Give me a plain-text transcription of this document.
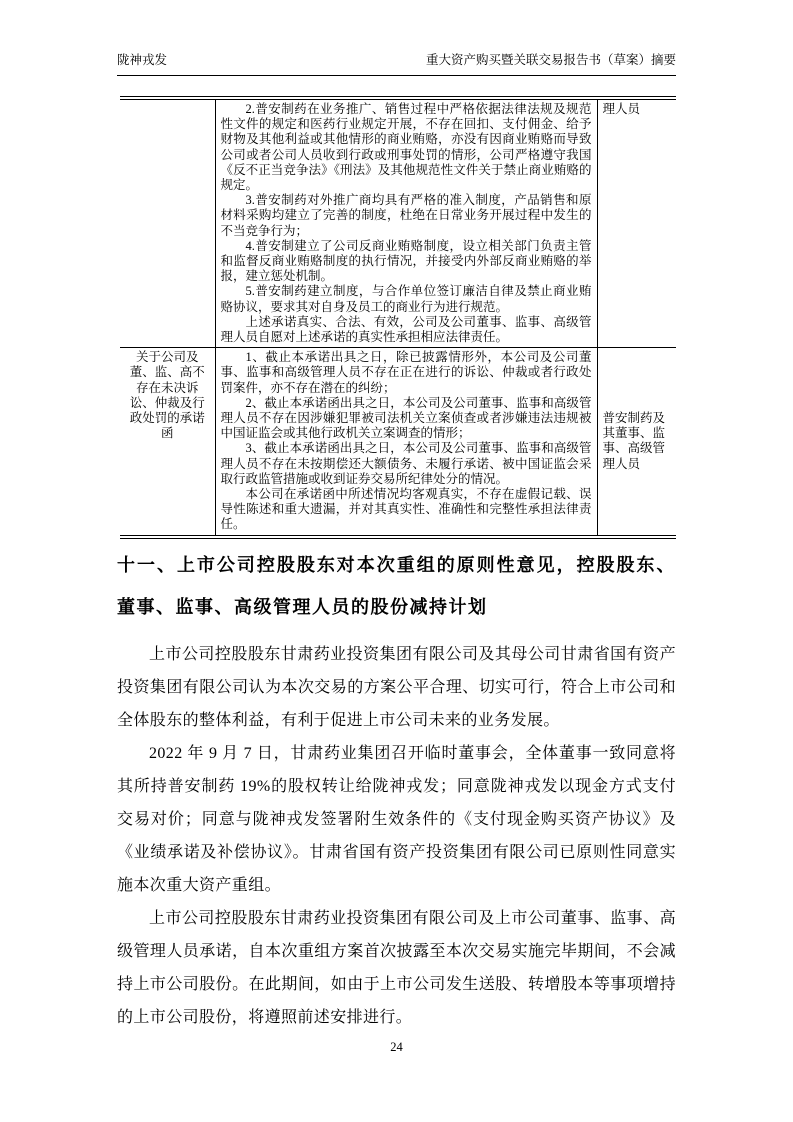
陇神戎发	重大资产购买暨关联交易报告书（草案）摘要

	2.普安制药在业务推广、销售过程中严格依据法律法规及规范性文件的规定和医药行业规定开展，不存在回扣、支付佣金、给予财物及其他利益或其他情形的商业贿赂，亦没有因商业贿赂而导致公司或者公司人员收到行政或刑事处罚的情形，公司严格遵守我国《反不正当竞争法》《刑法》及其他规范性文件关于禁止商业贿赂的规定。

3.普安制药对外推广商均具有严格的准入制度，产品销售和原材料采购均建立了完善的制度，杜绝在日常业务开展过程中发生的不当竞争行为；

4.普安制建立了公司反商业贿赂制度，设立相关部门负责主管和监督反商业贿赂制度的执行情况，并接受内外部反商业贿赂的举报，建立惩处机制。

5.普安制药建立制度，与合作单位签订廉洁自律及禁止商业贿赂协议，要求其对自身及员工的商业行为进行规范。

上述承诺真实、合法、有效，公司及公司董事、监事、高级管理人员自愿对上述承诺的真实性承担相应法律责任。	理人员
关于公司及董、监、高不存在未决诉讼、仲裁及行政处罚的承诺函	1、截止本承诺出具之日，除已披露情形外，本公司及公司董事、监事和高级管理人员不存在正在进行的诉讼、仲裁或者行政处罚案件，亦不存在潜在的纠纷；

2、截止本承诺函出具之日，本公司及公司董事、监事和高级管理人员不存在因涉嫌犯罪被司法机关立案侦查或者涉嫌违法违规被中国证监会或其他行政机关立案调查的情形；

3、截止本承诺函出具之日，本公司及公司董事、监事和高级管理人员不存在未按期偿还大额债务、未履行承诺、被中国证监会采取行政监管措施或收到证券交易所纪律处分的情况。

本公司在承诺函中所述情况均客观真实，不存在虚假记载、误导性陈述和重大遗漏，并对其真实性、准确性和完整性承担法律责任。	普安制药及其董事、监事、高级管理人员
十一、上市公司控股股东对本次重组的原则性意见，控股股东、董事、监事、高级管理人员的股份减持计划

上市公司控股股东甘肃药业投资集团有限公司及其母公司甘肃省国有资产投资集团有限公司认为本次交易的方案公平合理、切实可行，符合上市公司和全体股东的整体利益，有利于促进上市公司未来的业务发展。

2022 年 9 月 7 日，甘肃药业集团召开临时董事会，全体董事一致同意将其所持普安制药 19%的股权转让给陇神戎发；同意陇神戎发以现金方式支付交易对价；同意与陇神戎发签署附生效条件的《支付现金购买资产协议》及《业绩承诺及补偿协议》。甘肃省国有资产投资集团有限公司已原则性同意实施本次重大资产重组。

上市公司控股股东甘肃药业投资集团有限公司及上市公司董事、监事、高级管理人员承诺，自本次重组方案首次披露至本次交易实施完毕期间，不会减持上市公司股份。在此期间，如由于上市公司发生送股、转增股本等事项增持的上市公司股份，将遵照前述安排进行。

24
